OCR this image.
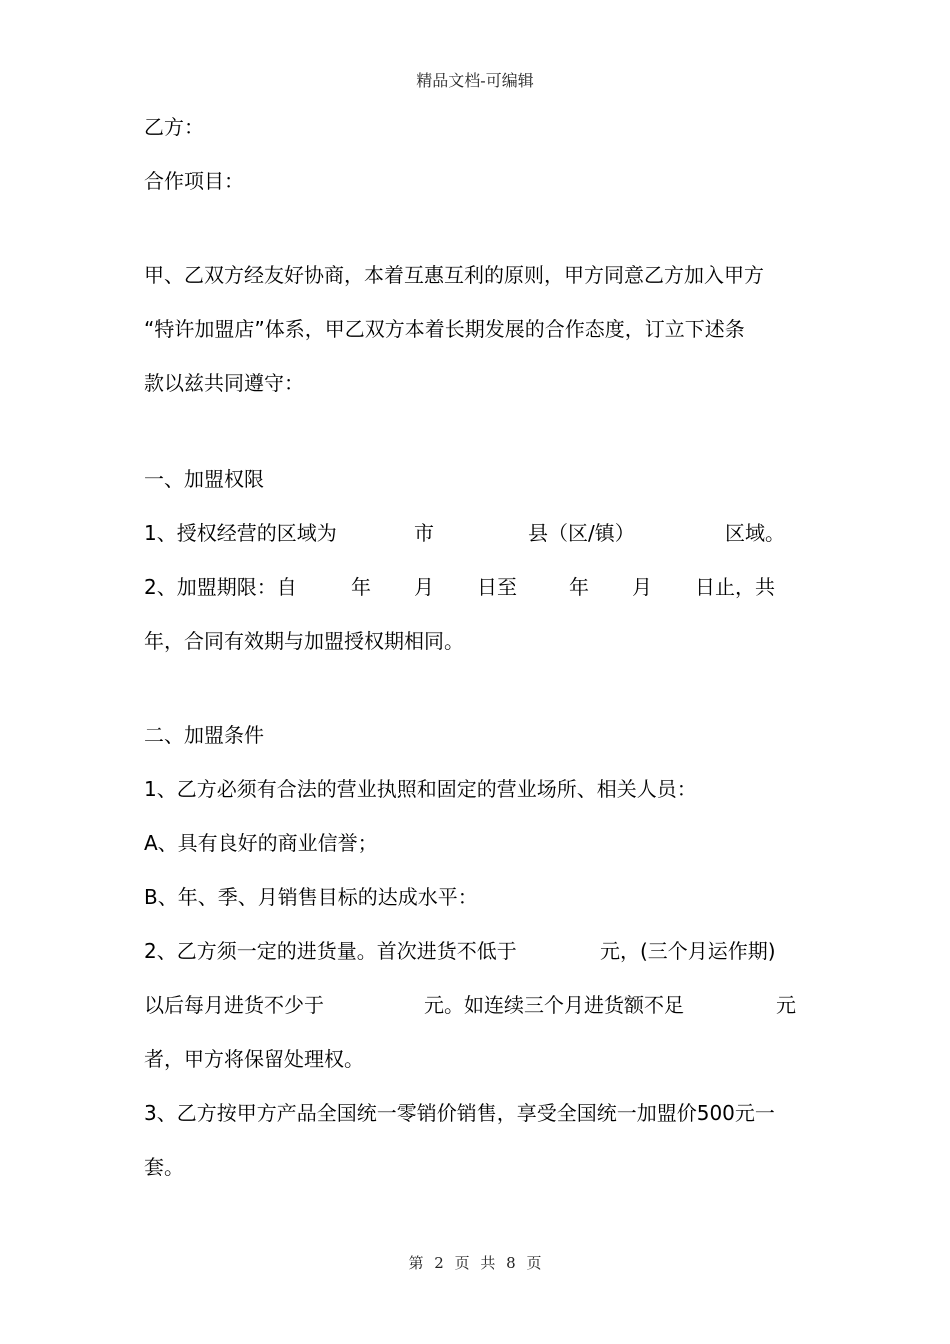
精品文档-可编辑
乙方：
合作项目：
甲、乙双方经友好协商，本着互惠互利的原则，甲方同意乙方加入甲方
“特许加盟店”体系，甲乙双方本着长期发展的合作态度，订立下述条
款以兹共同遵守：
一、加盟权限
1、授权经营的区域为	市	县（区/镇）	区域。
2、加盟期限：自	年 月 日至	年 月 日止，共
年，合同有效期与加盟授权期相同。
二、加盟条件
1、乙方必须有合法的营业执照和固定的营业场所、相关人员：
A、具有良好的商业信誉；
B、年、季、月销售目标的达成水平：
2、乙方须一定的进货量。首次进货不低于	元，(三个月运作期)
以后每月进货不少于	元。如连续三个月进货额不足	元
者，甲方将保留处理权。
3、乙方按甲方产品全国统一零销价销售，享受全国统一加盟价500元一
套。
第 2 页 共 8 页
